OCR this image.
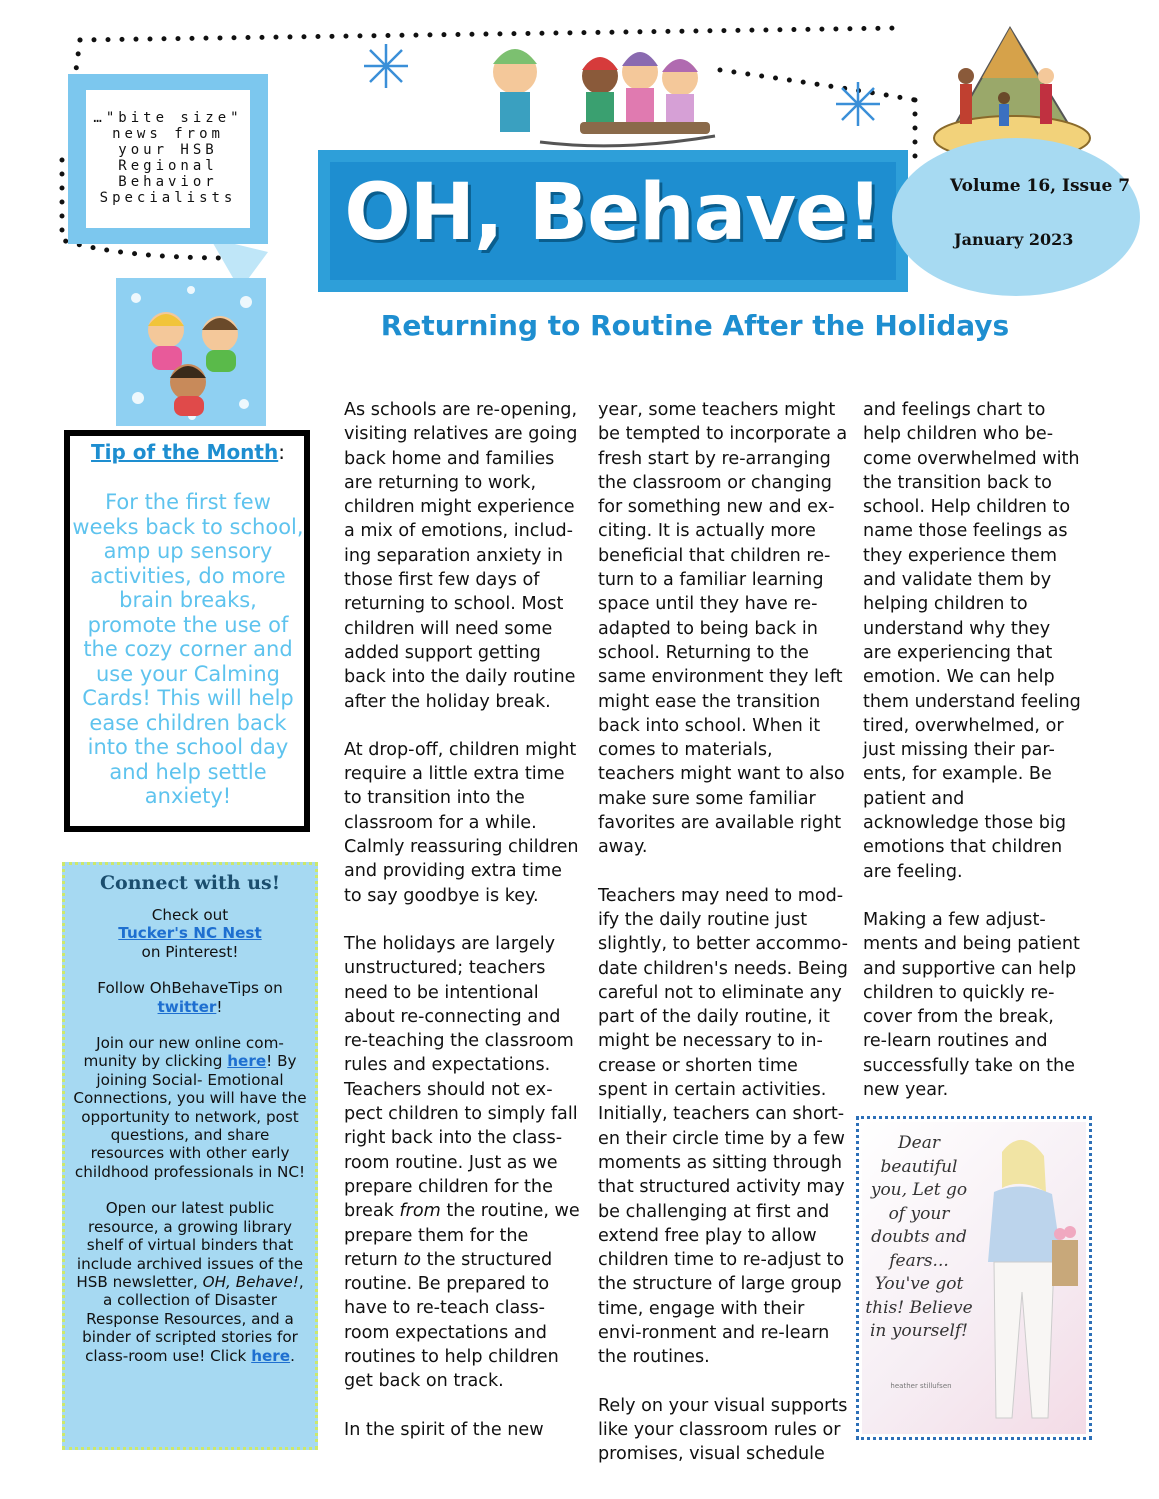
…"bite size" news from your HSB Regional Behavior Specialists	OH, Behave!	Volume 16, Issue 7
January 2023
Returning to Routine After the Holidays
Tip of the Month:
For the first few weeks back to school, amp up sensory activities, do more brain breaks, promote the use of the cozy corner and use your Calming Cards! This will help ease children back into the school day and help settle anxiety!
Connect with us!

Check out
Tucker's NC Nest
on Pinterest!

Follow OhBehaveTips on
twitter!

Join our new online com-munity by clicking here! By joining Social- Emotional Connections, you will have the opportunity to network, post questions, and share resources with other early childhood professionals in NC!

Open our latest public resource, a growing library shelf of virtual binders that include archived issues of the HSB newsletter, OH, Behave!, a collection of Disaster Response Resources, and a binder of scripted stories for class-room use! Click here.

As schools are re-opening, visiting relatives are going back home and families are returning to work, children might experience a mix of emotions, includ-ing separation anxiety in those first few days of returning to school. Most children will need some added support getting back into the daily routine after the holiday break.

At drop-off, children might require a little extra time to transition into the classroom for a while. Calmly reassuring children and providing extra time to say goodbye is key.

The holidays are largely unstructured; teachers need to be intentional about re-connecting and re-teaching the classroom rules and expectations. Teachers should not ex-pect children to simply fall right back into the class-room routine. Just as we prepare children for the break from the routine, we prepare them for the return to the structured routine. Be prepared to have to re-teach class-room expectations and routines to help children get back on track.

In the spirit of the new

year, some teachers might be tempted to incorporate a fresh start by re-arranging the classroom or changing for something new and ex-citing. It is actually more beneficial that children re-turn to a familiar learning space until they have re-adapted to being back in school. Returning to the same environment they left might ease the transition back into school. When it comes to materials, teachers might want to also make sure some familiar favorites are available right away.

Teachers may need to mod-ify the daily routine just slightly, to better accommo-date children's needs. Being careful not to eliminate any part of the daily routine, it might be necessary to in-crease or shorten time spent in certain activities. Initially, teachers can short-en their circle time by a few moments as sitting through that structured activity may be challenging at first and extend free play to allow children time to re-adjust to the structure of large group time, engage with their envi-ronment and re-learn the routines.

Rely on your visual supports like your classroom rules or promises, visual schedule

and feelings chart to help children who be-come overwhelmed with the transition back to school. Help children to name those feelings as they experience them and validate them by helping children to understand why they are experiencing that emotion. We can help them understand feeling tired, overwhelmed, or just missing their par-ents, for example. Be patient and acknowledge those big emotions that children are feeling.

Making a few adjust-ments and being patient and supportive can help children to quickly re-cover from the break, re-learn routines and successfully take on the new year.

Dear beautiful you, Let go of your doubts and fears... You've got this! Believe in yourself!
heather stillufsen
